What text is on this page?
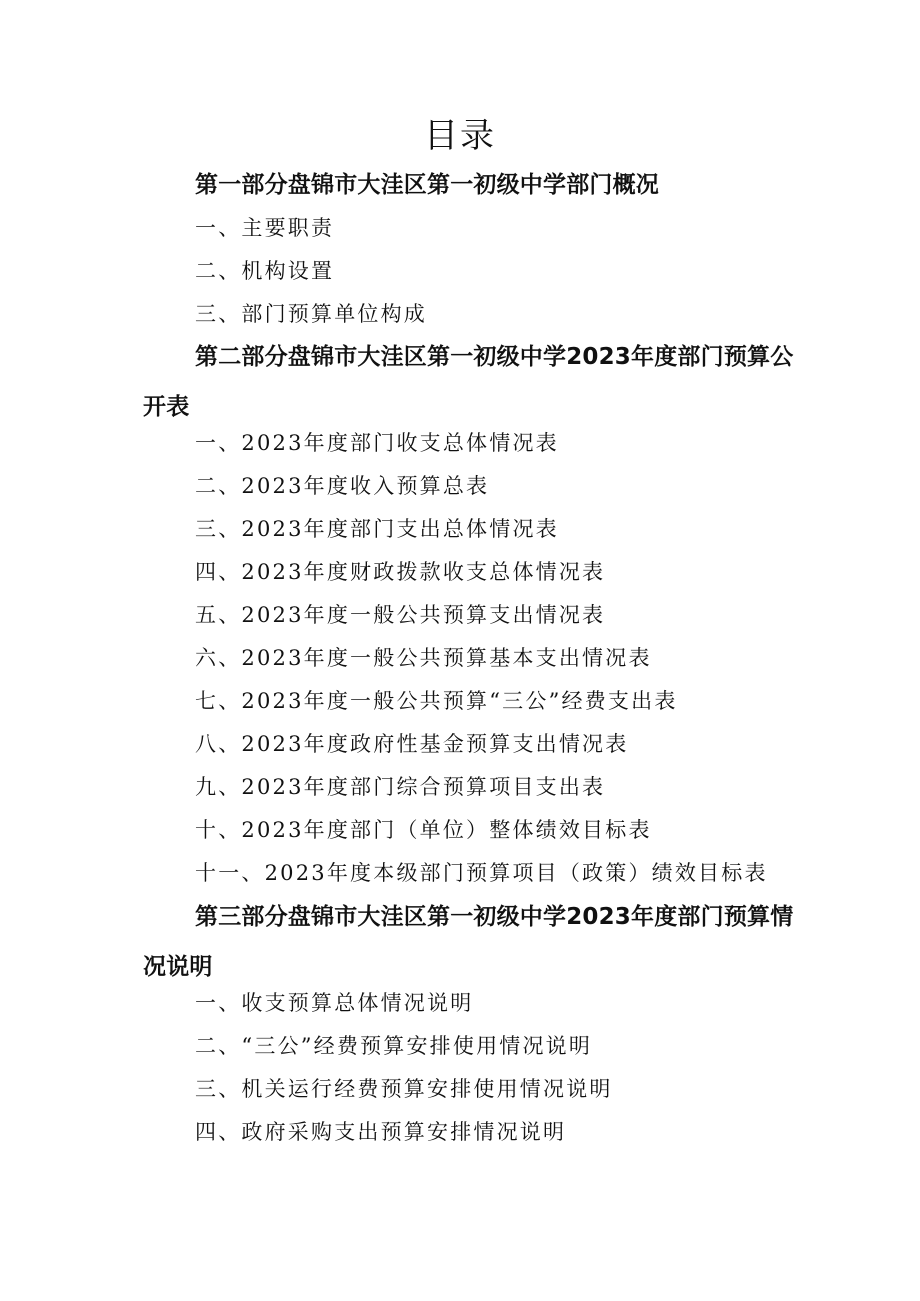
目录
第一部分盘锦市大洼区第一初级中学部门概况
一、主要职责
二、机构设置
三、部门预算单位构成
第二部分盘锦市大洼区第一初级中学2023年度部门预算公开表
一、2023年度部门收支总体情况表
二、2023年度收入预算总表
三、2023年度部门支出总体情况表
四、2023年度财政拨款收支总体情况表
五、2023年度一般公共预算支出情况表
六、2023年度一般公共预算基本支出情况表
七、2023年度一般公共预算“三公”经费支出表
八、2023年度政府性基金预算支出情况表
九、2023年度部门综合预算项目支出表
十、2023年度部门（单位）整体绩效目标表
十一、2023年度本级部门预算项目（政策）绩效目标表
第三部分盘锦市大洼区第一初级中学2023年度部门预算情况说明
一、收支预算总体情况说明
二、“三公”经费预算安排使用情况说明
三、机关运行经费预算安排使用情况说明
四、政府采购支出预算安排情况说明
